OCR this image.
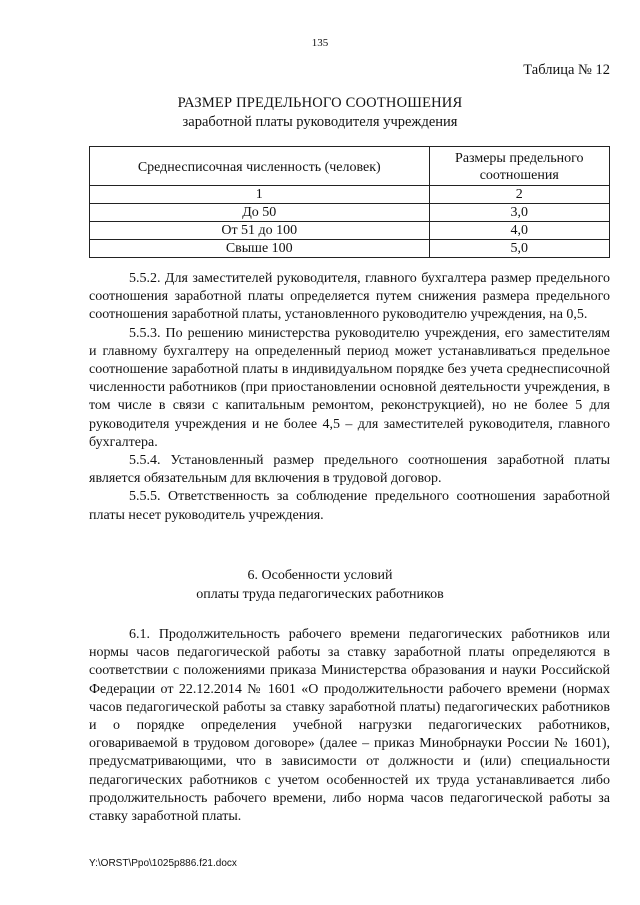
135
Таблица № 12
РАЗМЕР ПРЕДЕЛЬНОГО СООТНОШЕНИЯ
заработной платы руководителя учреждения
Среднесписочная численность (человек)	Размеры предельного соотношения
1	2
До 50	3,0
От 51 до 100	4,0
Свыше 100	5,0

5.5.2. Для заместителей руководителя, главного бухгалтера размер предельного соотношения заработной платы определяется путем снижения размера предельного соотношения заработной платы, установленного руководителю учреждения, на 0,5.

5.5.3. По решению министерства руководителю учреждения, его заместителям и главному бухгалтеру на определенный период может устанавливаться предельное соотношение заработной платы в индивидуальном порядке без учета среднесписочной численности работников (при приостановлении основной деятельности учреждения, в том числе в связи с капитальным ремонтом, реконструкцией), но не более 5 для руководителя учреждения и не более 4,5 – для заместителей руководителя, главного бухгалтера.

5.5.4. Установленный размер предельного соотношения заработной платы является обязательным для включения в трудовой договор.

5.5.5. Ответственность за соблюдение предельного соотношения заработной платы несет руководитель учреждения.

6. Особенности условий
оплаты труда педагогических работников

6.1. Продолжительность рабочего времени педагогических работников или нормы часов педагогической работы за ставку заработной платы определяются в соответствии с положениями приказа Министерства образования и науки Российской Федерации от 22.12.2014 № 1601 «О продолжительности рабочего времени (нормах часов педагогической работы за ставку заработной платы) педагогических работников и о порядке определения учебной нагрузки педагогических работников, оговариваемой в трудовом договоре» (далее – приказ Минобрнауки России № 1601), предусматривающими, что в зависимости от должности и (или) специальности педагогических работников с учетом особенностей их труда устанавливается либо продолжительность рабочего времени, либо норма часов педагогической работы за ставку заработной платы.

Y:\ORST\Ppo\1025p886.f21.docx
